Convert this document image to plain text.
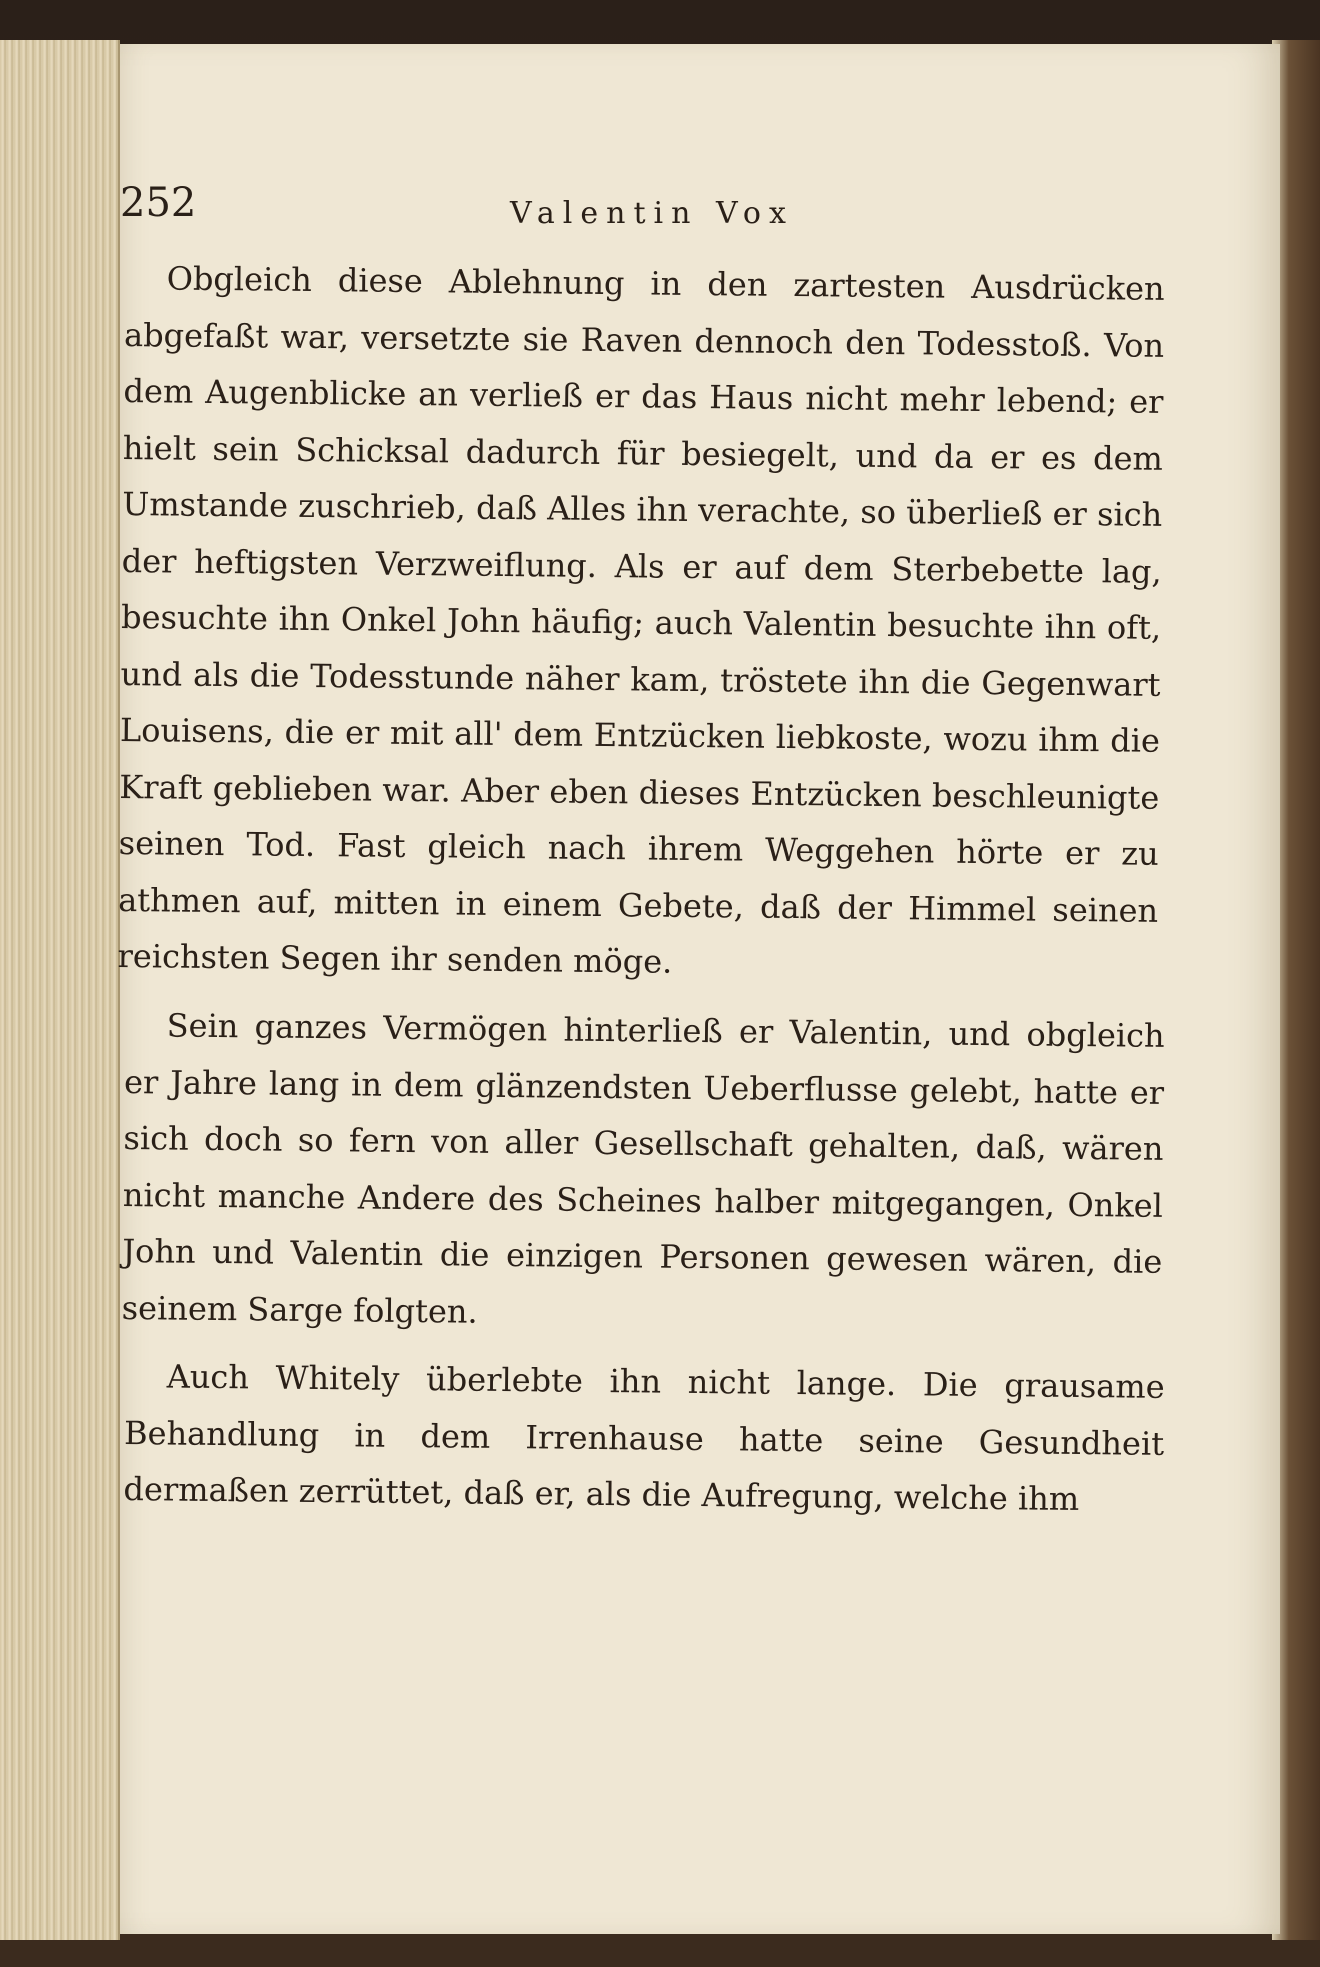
252	Valentin Vox

Obgleich diese Ablehnung in den zartesten Ausdrücken abgefaßt war, versetzte sie Raven dennoch den Todesstoß. Von dem Augenblicke an verließ er das Haus nicht mehr lebend; er hielt sein Schicksal dadurch für besiegelt, und da er es dem Umstande zuschrieb, daß Alles ihn verachte, so überließ er sich der heftigsten Verzweiflung. Als er auf dem Sterbebette lag, besuchte ihn Onkel John häufig; auch Valentin besuchte ihn oft, und als die Todesstunde näher kam, tröstete ihn die Gegenwart Louisens, die er mit all' dem Entzücken liebkoste, wozu ihm die Kraft geblieben war. Aber eben dieses Entzücken beschleunigte seinen Tod. Fast gleich nach ihrem Weggehen hörte er zu athmen auf, mitten in einem Gebete, daß der Himmel seinen reichsten Segen ihr senden möge.

Sein ganzes Vermögen hinterließ er Valentin, und obgleich er Jahre lang in dem glänzendsten Ueberflusse gelebt, hatte er sich doch so fern von aller Gesellschaft gehalten, daß, wären nicht manche Andere des Scheines halber mitgegangen, Onkel John und Valentin die einzigen Personen gewesen wären, die seinem Sarge folgten.

Auch Whitely überlebte ihn nicht lange. Die grausame Behandlung in dem Irrenhause hatte seine Gesundheit dermaßen zerrüttet, daß er, als die Aufregung, welche ihm
